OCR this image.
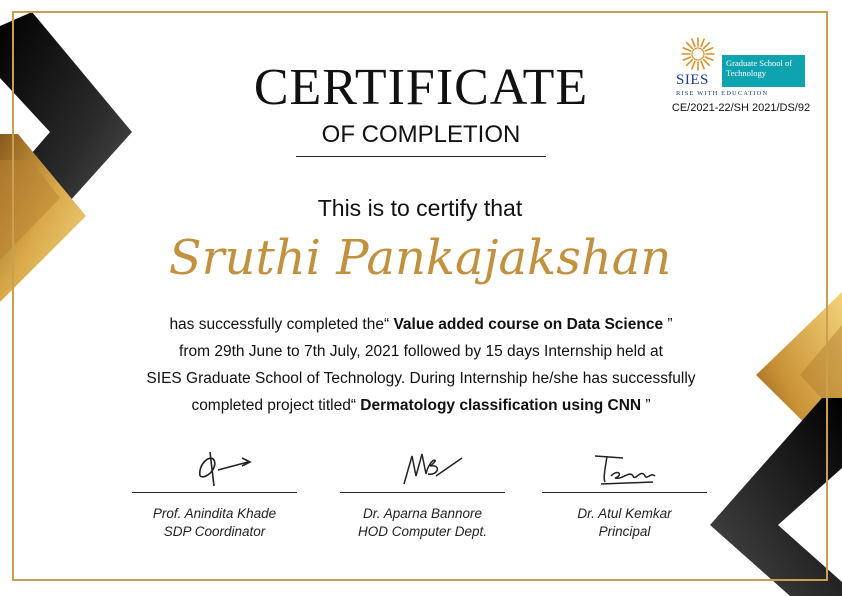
SIES
Graduate School of Technology
RISE WITH EDUCATION
CE/2021-22/SH 2021/DS/92
CERTIFICATE
OF COMPLETION
This is to certify that
Sruthi Pankajakshan
has successfully completed the“ Value added course on Data Science ”
from 29th June to 7th July, 2021 followed by 15 days Internship held at
SIES Graduate School of Technology. During Internship he/she has successfully
completed project titled“ Dermatology classification using CNN ”
Prof. Anindita Khade
SDP Coordinator
Dr. Aparna Bannore
HOD Computer Dept.
Dr. Atul Kemkar
Principal
